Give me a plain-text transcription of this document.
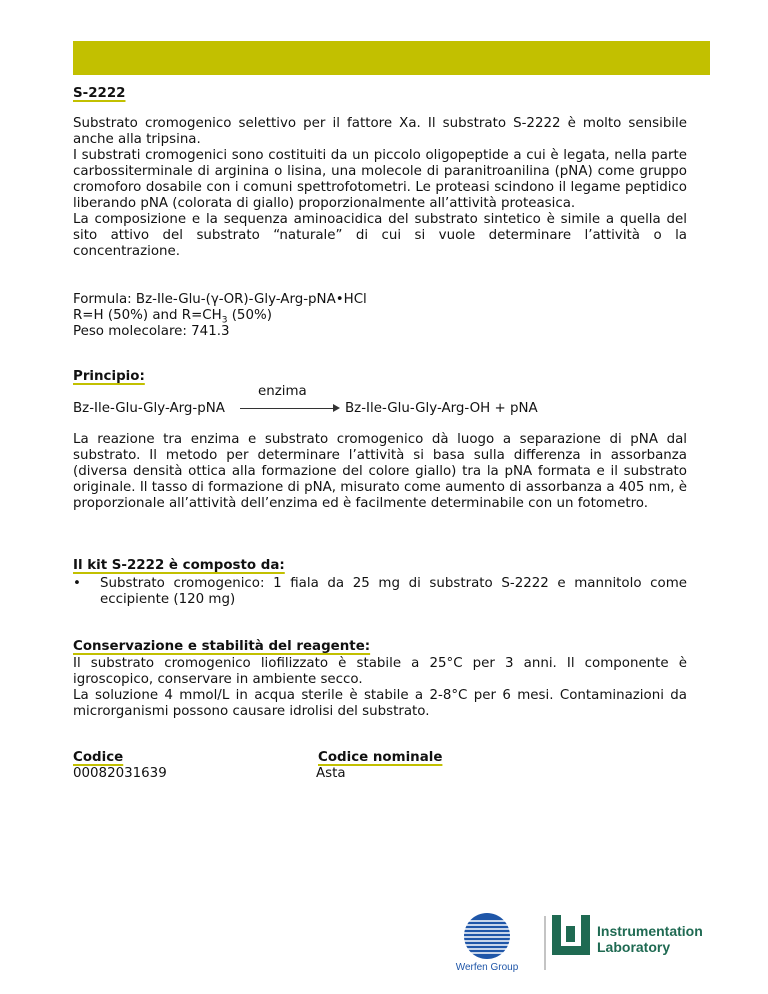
S-2222

Substrato cromogenico selettivo per il fattore Xa. Il substrato S-2222 è molto sensibile anche alla tripsina.

I substrati cromogenici sono costituiti da un piccolo oligopeptide a cui è legata, nella parte carbossiterminale di arginina o lisina, una molecole di paranitroanilina (pNA) come gruppo cromoforo dosabile con i comuni spettrofotometri. Le proteasi scindono il legame peptidico liberando pNA (colorata di giallo) proporzionalmente all’attività proteasica.

La composizione e la sequenza aminoacidica del substrato sintetico è simile a quella del sito attivo del substrato “naturale” di cui si vuole determinare l’attività o la concentrazione.

Formula: Bz-Ile-Glu-(γ-OR)-Gly-Arg-pNA•HCl

R=H (50%) and $R=CH_3$ (50%)

Peso molecolare: 741.3

Principio:
enzima
Bz-Ile-Glu-Gly-Arg-pNA	Bz-Ile-Glu-Gly-Arg-OH + pNA
La reazione tra enzima e substrato cromogenico dà luogo a separazione di pNA dal substrato. Il metodo per determinare l’attività si basa sulla differenza in assorbanza (diversa densità ottica alla formazione del colore giallo) tra la pNA formata e il substrato originale. Il tasso di formazione di pNA, misurato come aumento di assorbanza a 405 nm, è proporzionale all’attività dell’enzima ed è facilmente determinabile con un fotometro.
Il kit S-2222 è composto da:
• Substrato cromogenico: 1 fiala da 25 mg di substrato S-2222 e mannitolo come eccipiente (120 mg)
Conservazione e stabilità del reagente:

Il substrato cromogenico liofilizzato è stabile a 25°C per 3 anni. Il componente è igroscopico, conservare in ambiente secco.

La soluzione 4 mmol/L in acqua sterile è stabile a 2-8°C per 6 mesi. Contaminazioni da microrganismi possono causare idrolisi del substrato.

Codice
00082031639
Codice nominale
Asta
Werfen Group
Instrumentation
Laboratory
